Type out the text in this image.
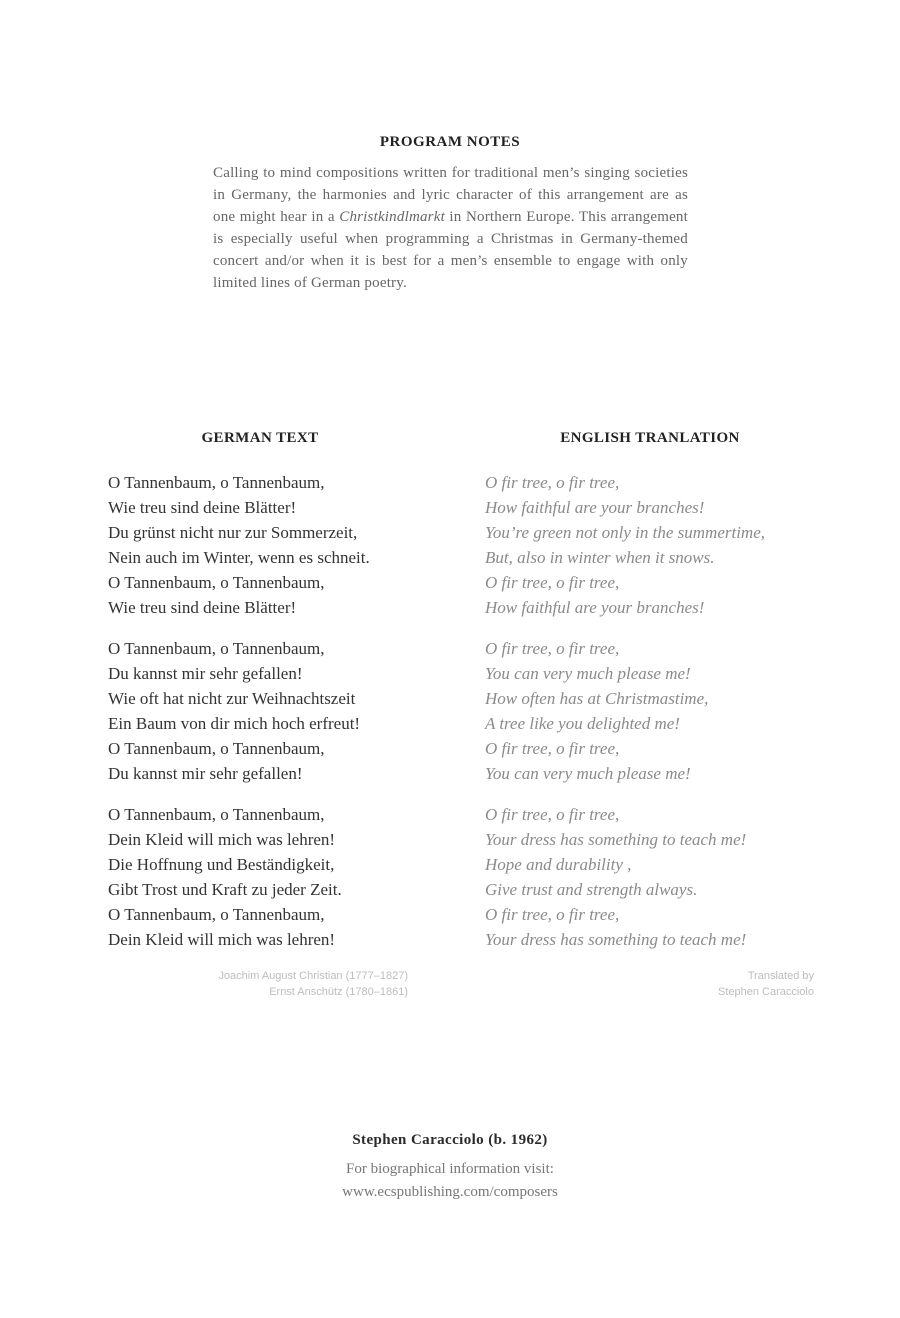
PROGRAM NOTES
Calling to mind compositions written for traditional men’s singing societies in Germany, the harmonies and lyric character of this arrangement are as one might hear in a Christkindlmarkt in Northern Europe. This arrangement is especially useful when programming a Christmas in Germany-themed concert and/or when it is best for a men’s ensemble to engage with only limited lines of German poetry.
GERMAN TEXT	ENGLISH TRANLATION
O Tannenbaum, o Tannenbaum,
Wie treu sind deine Blätter!
Du grünst nicht nur zur Sommerzeit,
Nein auch im Winter, wenn es schneit.
O Tannenbaum, o Tannenbaum,
Wie treu sind deine Blätter!
O Tannenbaum, o Tannenbaum,
Du kannst mir sehr gefallen!
Wie oft hat nicht zur Weihnachtszeit
Ein Baum von dir mich hoch erfreut!
O Tannenbaum, o Tannenbaum,
Du kannst mir sehr gefallen!
O Tannenbaum, o Tannenbaum,
Dein Kleid will mich was lehren!
Die Hoffnung und Beständigkeit,
Gibt Trost und Kraft zu jeder Zeit.
O Tannenbaum, o Tannenbaum,
Dein Kleid will mich was lehren!
O fir tree, o fir tree,
How faithful are your branches!
You’re green not only in the summertime,
But, also in winter when it snows.
O fir tree, o fir tree,
How faithful are your branches!
O fir tree, o fir tree,
You can very much please me!
How often has at Christmastime,
A tree like you delighted me!
O fir tree, o fir tree,
You can very much please me!
O fir tree, o fir tree,
Your dress has something to teach me!
Hope and durability ,
Give trust and strength always.
O fir tree, o fir tree,
Your dress has something to teach me!
Joachim August Christian (1777–1827)
Ernst Anschütz (1780–1861)
Translated by
Stephen Caracciolo
Stephen Caracciolo (b. 1962)
For biographical information visit:
www.ecspublishing.com/composers
